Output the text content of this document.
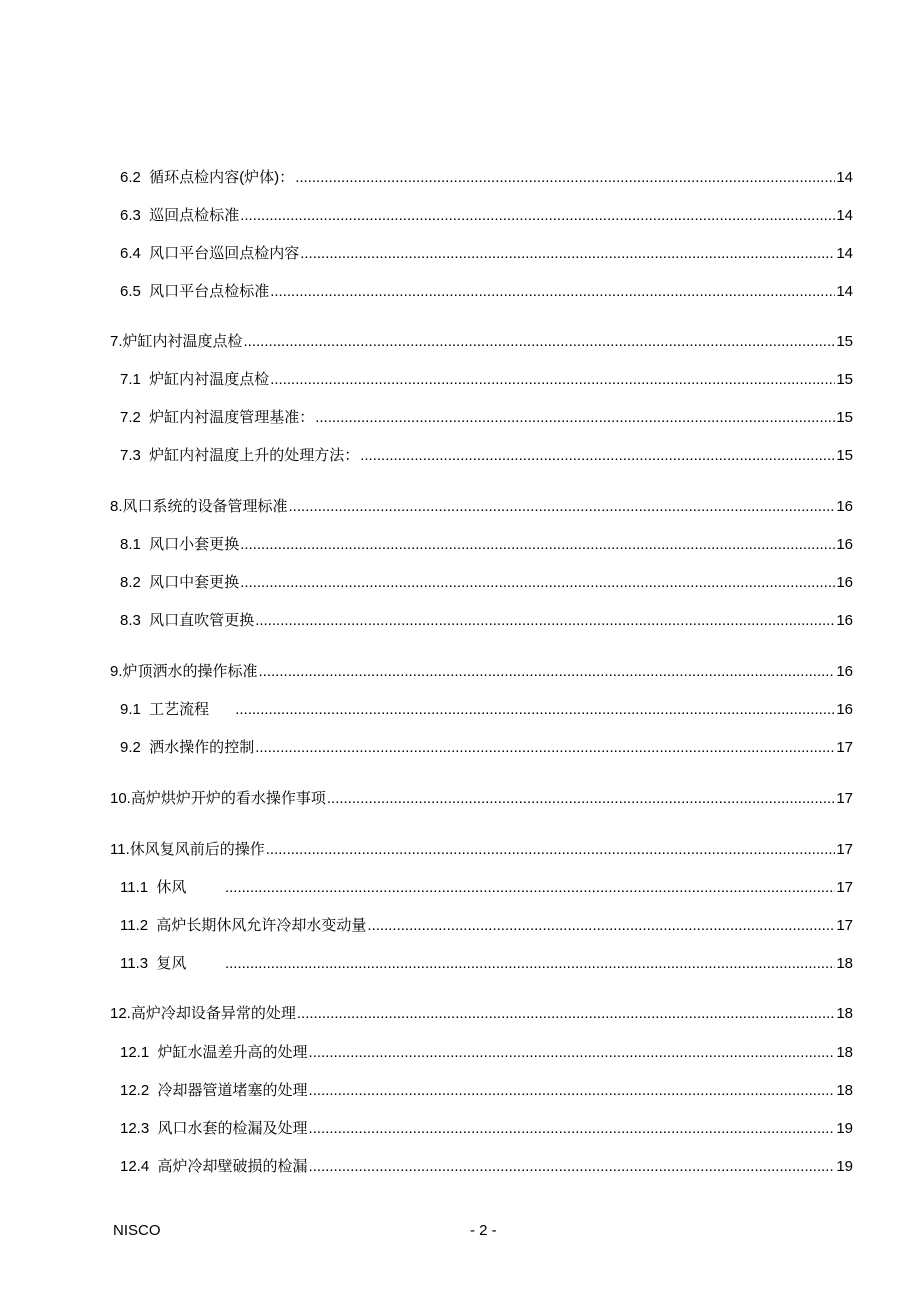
6.2  循环点检内容(炉体)： .....	14
6.3  巡回点检标准 .....	14
6.4  风口平台巡回点检内容 .....	14
6.5  风口平台点检标准 .....	14
7.炉缸内衬温度点检 .....	15
7.1  炉缸内衬温度点检 .....	15
7.2  炉缸内衬温度管理基准： .....	15
7.3  炉缸内衬温度上升的处理方法： .....	15
8.风口系统的设备管理标准 .....	16
8.1  风口小套更换 .....	16
8.2  风口中套更换 .....	16
8.3  风口直吹管更换 .....	16
9.炉顶洒水的操作标准 .....	16
9.1  工艺流程 .....	16
9.2  洒水操作的控制 .....	17
10.高炉烘炉开炉的看水操作事项 .....	17
11.休风复风前后的操作 .....	17
11.1  休风 .....	17
11.2  高炉长期休风允许冷却水变动量 .....	17
11.3  复风 .....	18
12.高炉冷却设备异常的处理 .....	18
12.1  炉缸水温差升高的处理 .....	18
12.2  冷却器管道堵塞的处理 .....	18
12.3  风口水套的检漏及处理 .....	19
12.4  高炉冷却壁破损的检漏 .....	19
NISCO	- 2 -
